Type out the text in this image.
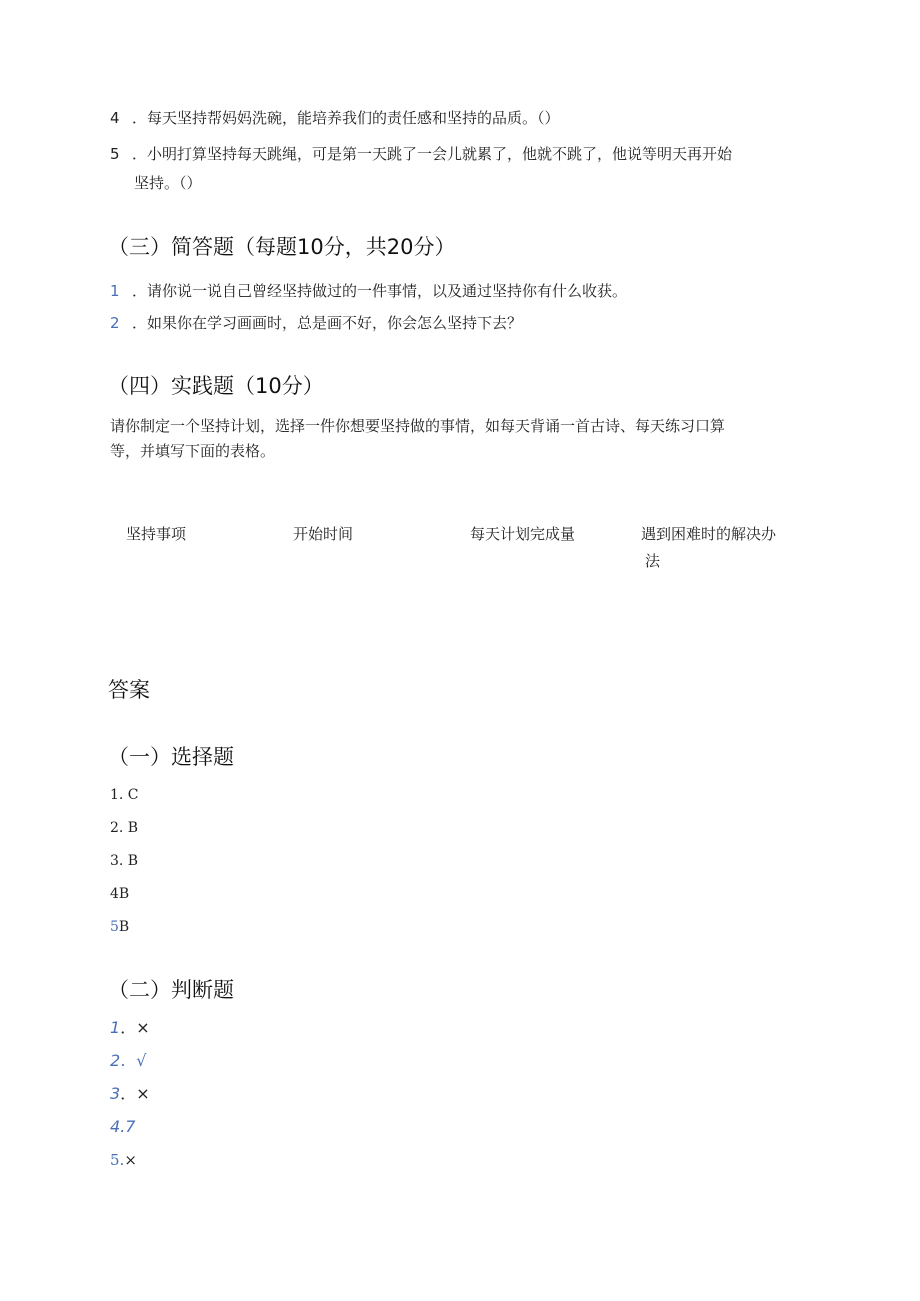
4 ．每天坚持帮妈妈洗碗，能培养我们的责任感和坚持的品质。（）
5 ．小明打算坚持每天跳绳，可是第一天跳了一会儿就累了，他就不跳了，他说等明天再开始
坚持。（）
（三）简答题（每题10分，共20分）
1 ．请你说一说自己曾经坚持做过的一件事情，以及通过坚持你有什么收获。
2 ．如果你在学习画画时，总是画不好，你会怎么坚持下去？
（四）实践题（10分）
请你制定一个坚持计划，选择一件你想要坚持做的事情，如每天背诵一首古诗、每天练习口算
等，并填写下面的表格。
坚持事项	开始时间	每天计划完成量	遇到困难时的解决办
法
答案
（一）选择题
1. C
2. B
3. B
4B
5B
（二）判断题
1．×
2．√
3．×
4.7
5.×
